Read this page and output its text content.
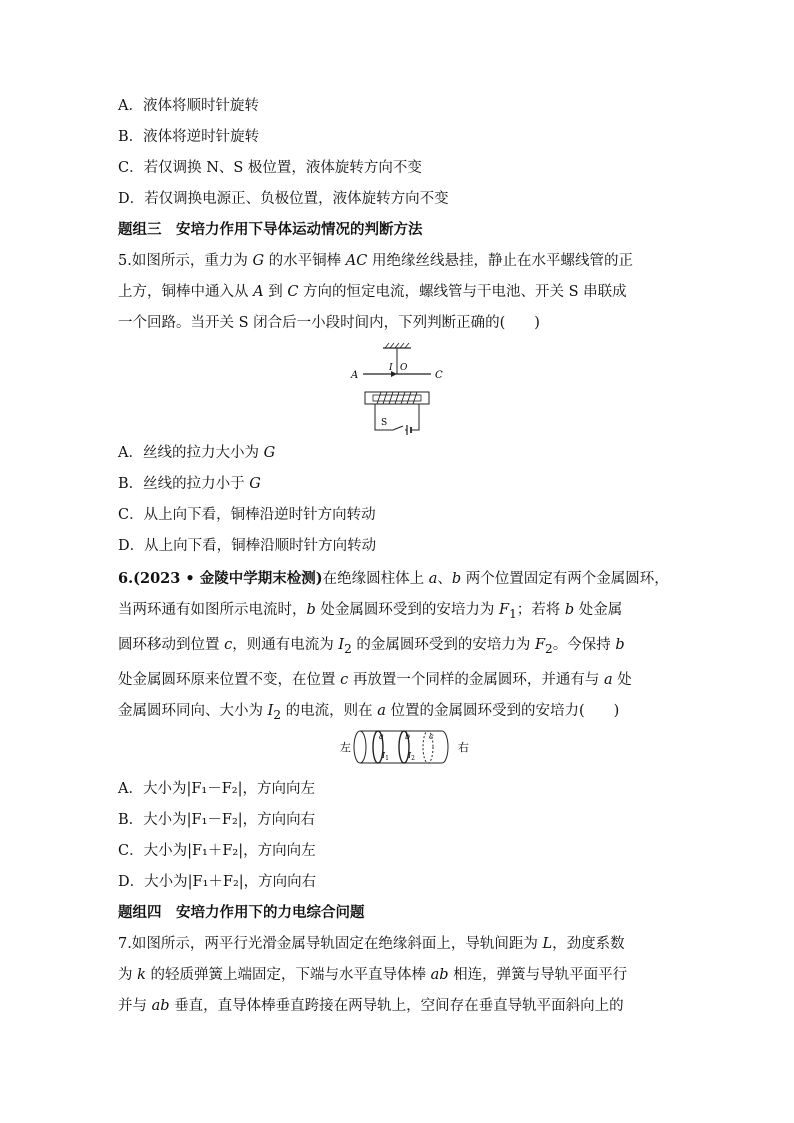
A．液体将顺时针旋转
B．液体将逆时针旋转
C．若仅调换 N、S 极位置，液体旋转方向不变
D．若仅调换电源正、负极位置，液体旋转方向不变
题组三　安培力作用下导体运动情况的判断方法
5.如图所示，重力为 G 的水平铜棒 AC 用绝缘丝线悬挂，静止在水平螺线管的正
上方，铜棒中通入从 A 到 C 方向的恒定电流，螺线管与干电池、开关 S 串联成
一个回路。当开关 S 闭合后一小段时间内，下列判断正确的(　　)
A	C
I O
S
A．丝线的拉力大小为 G
B．丝线的拉力小于 G
C．从上向下看，铜棒沿逆时针方向转动
D．从上向下看，铜棒沿顺时针方向转动
6.(2023 • 金陵中学期末检测)在绝缘圆柱体上 a、b 两个位置固定有两个金属圆环，
当两环通有如图所示电流时，b 处金属圆环受到的安培力为 $F_1$；若将 b 处金属
圆环移动到位置 c，则通有电流为 $I_2$ 的金属圆环受到的安培力为 $F_2$。今保持 b
处金属圆环原来位置不变，在位置 c 再放置一个同样的金属圆环，并通有与 a 处
金属圆环同向、大小为 $I_2$ 的电流，则在 a 位置的金属圆环受到的安培力(　　)
左	右
a	b c
$I_1$ $I_2$
A．大小为|F₁－F₂|，方向向左
B．大小为|F₁－F₂|，方向向右
C．大小为|F₁＋F₂|，方向向左
D．大小为|F₁＋F₂|，方向向右
题组四　安培力作用下的力电综合问题
7.如图所示，两平行光滑金属导轨固定在绝缘斜面上，导轨间距为 L，劲度系数
为 k 的轻质弹簧上端固定，下端与水平直导体棒 ab 相连，弹簧与导轨平面平行
并与 ab 垂直，直导体棒垂直跨接在两导轨上，空间存在垂直导轨平面斜向上的
